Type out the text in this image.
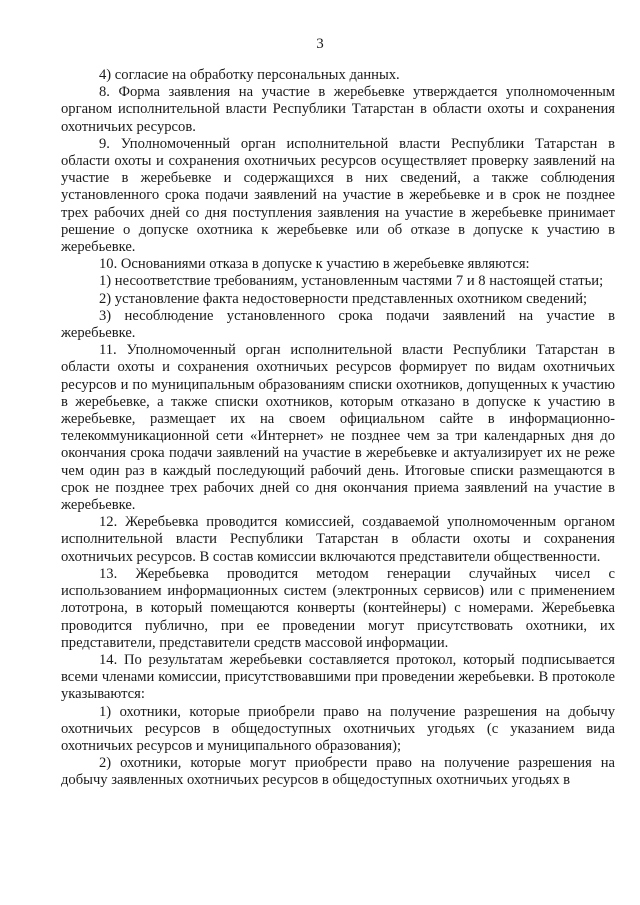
3

4) согласие на обработку персональных данных.

8. Форма заявления на участие в жеребьевке утверждается уполномоченным органом исполнительной власти Республики Татарстан в области охоты и сохранения охотничьих ресурсов.

9. Уполномоченный орган исполнительной власти Республики Татарстан в области охоты и сохранения охотничьих ресурсов осуществляет проверку заявлений на участие в жеребьевке и содержащихся в них сведений, а также соблюдения установленного срока подачи заявлений на участие в жеребьевке и в срок не позднее трех рабочих дней со дня поступления заявления на участие в жеребьевке принимает решение о допуске охотника к жеребьевке или об отказе в допуске к участию в жеребьевке.

10. Основаниями отказа в допуске к участию в жеребьевке являются:

1) несоответствие требованиям, установленным частями 7 и 8 настоящей статьи;

2) установление факта недостоверности представленных охотником сведений;

3) несоблюдение установленного срока подачи заявлений на участие в жеребьевке.

11. Уполномоченный орган исполнительной власти Республики Татарстан в области охоты и сохранения охотничьих ресурсов формирует по видам охотничьих ресурсов и по муниципальным образованиям списки охотников, допущенных к участию в жеребьевке, а также списки охотников, которым отказано в допуске к участию в жеребьевке, размещает их на своем официальном сайте в информационно-телекоммуникационной сети «Интернет» не позднее чем за три календарных дня до окончания срока подачи заявлений на участие в жеребьевке и актуализирует их не реже чем один раз в каждый последующий рабочий день. Итоговые списки размещаются в срок не позднее трех рабочих дней со дня окончания приема заявлений на участие в жеребьевке.

12. Жеребьевка проводится комиссией, создаваемой уполномоченным органом исполнительной власти Республики Татарстан в области охоты и сохранения охотничьих ресурсов. В состав комиссии включаются представители общественности.

13. Жеребьевка проводится методом генерации случайных чисел с использованием информационных систем (электронных сервисов) или с применением лототрона, в который помещаются конверты (контейнеры) с номерами. Жеребьевка проводится публично, при ее проведении могут присутствовать охотники, их представители, представители средств массовой информации.

14. По результатам жеребьевки составляется протокол, который подписывается всеми членами комиссии, присутствовавшими при проведении жеребьевки. В протоколе указываются:

1) охотники, которые приобрели право на получение разрешения на добычу охотничьих ресурсов в общедоступных охотничьих угодьях (с указанием вида охотничьих ресурсов и муниципального образования);

2) охотники, которые могут приобрести право на получение разрешения на добычу заявленных охотничьих ресурсов в общедоступных охотничьих угодьях в
